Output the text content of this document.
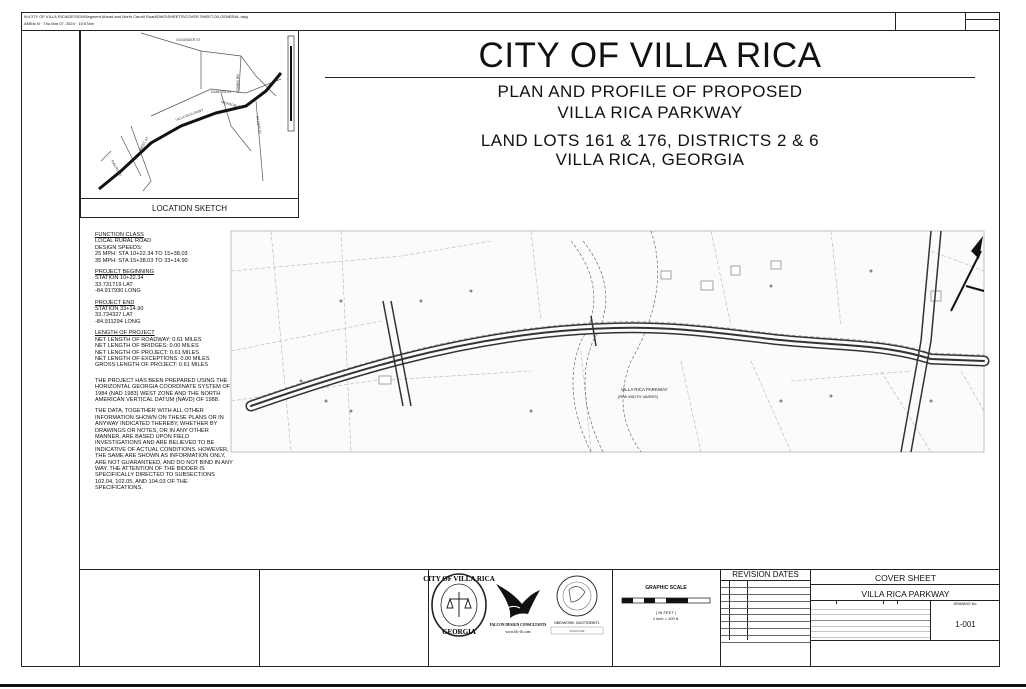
N:\CITY OF VILLA RICA\DESIGN\Segment Ahead and North Carroll Road\DWG\SHEETS\COVER SHEET-00-GENERAL.dwg
AMEtz.N · Thu Mar 07, 2024 · 10:07am
OLEANDER ST
COMBS RD
DANDIVA ST
VILLA RICA PKWY
MEADOW ST
ST HWY 61
WEST ST
RAILROAD
LOCATION SKETCH
CITY OF VILLA RICA
PLAN AND PROFILE OF PROPOSED
VILLA RICA PARKWAY
LAND LOTS 161 & 176, DISTRICTS 2 & 6
VILLA RICA, GEORGIA
FUNCTION CLASS
LOCAL RURAL ROAD
DESIGN SPEEDS:
25 MPH: STA 10+22.34 TO 15+38.03
35 MPH: STA 15+38.03 TO 33+14.90
PROJECT BEGINNING
STATION 10+22.34
33.731719 LAT
-84.917930 LONG
PROJECT END
STATION 33+14.90
33.734327 LAT
-84.911294 LONG
LENGTH OF PROJECT
NET LENGTH OF ROADWAY: 0.61 MILES
NET LENGTH OF BRIDGES: 0.00 MILES
NET LENGTH OF PROJECT: 0.61 MILES
NET LENGTH OF EXCEPTIONS: 0.00 MILES
GROSS LENGTH OF PROJECT: 0.61 MILES
THE PROJECT HAS BEEN PREPARED USING THE HORIZONTAL GEORGIA COORDINATE SYSTEM OF 1984 (NAD 1983) WEST ZONE AND THE NORTH AMERICAN VERTICAL DATUM (NAVD) OF 1988.
THE DATA, TOGETHER WITH ALL OTHER INFORMATION SHOWN ON THESE PLANS OR IN ANYWAY INDICATED THEREBY, WHETHER BY DRAWINGS OR NOTES, OR IN ANY OTHER MANNER, ARE BASED UPON FIELD INVESTIGATIONS AND ARE BELIEVED TO BE INDICATIVE OF ACTUAL CONDITIONS. HOWEVER, THE SAME ARE SHOWN AS INFORMATION ONLY, ARE NOT GUARANTEED, AND DO NOT BIND IN ANY WAY. THE ATTENTION OF THE BIDDER IS SPECIFICALLY DIRECTED TO SUBSECTIONS 102.04, 102.05, AND 104.03 OF THE SPECIFICATIONS.
VILLA RICA PARKWAY
(R/W WIDTH VARIES)
CITY OF VILLA RICA
GEORGIA
FALCON DESIGN CONSULTANTS
www.fdc-llc.com
DBE/WOSB: GDOT/DEBIT1
SIGNATURE
GRAPHIC SCALE
( IN FEET )
1 inch = 100 ft.
REVISION DATES	COVER SHEET
VILLA RICA PARKWAY
DRAWING No.
1-001
